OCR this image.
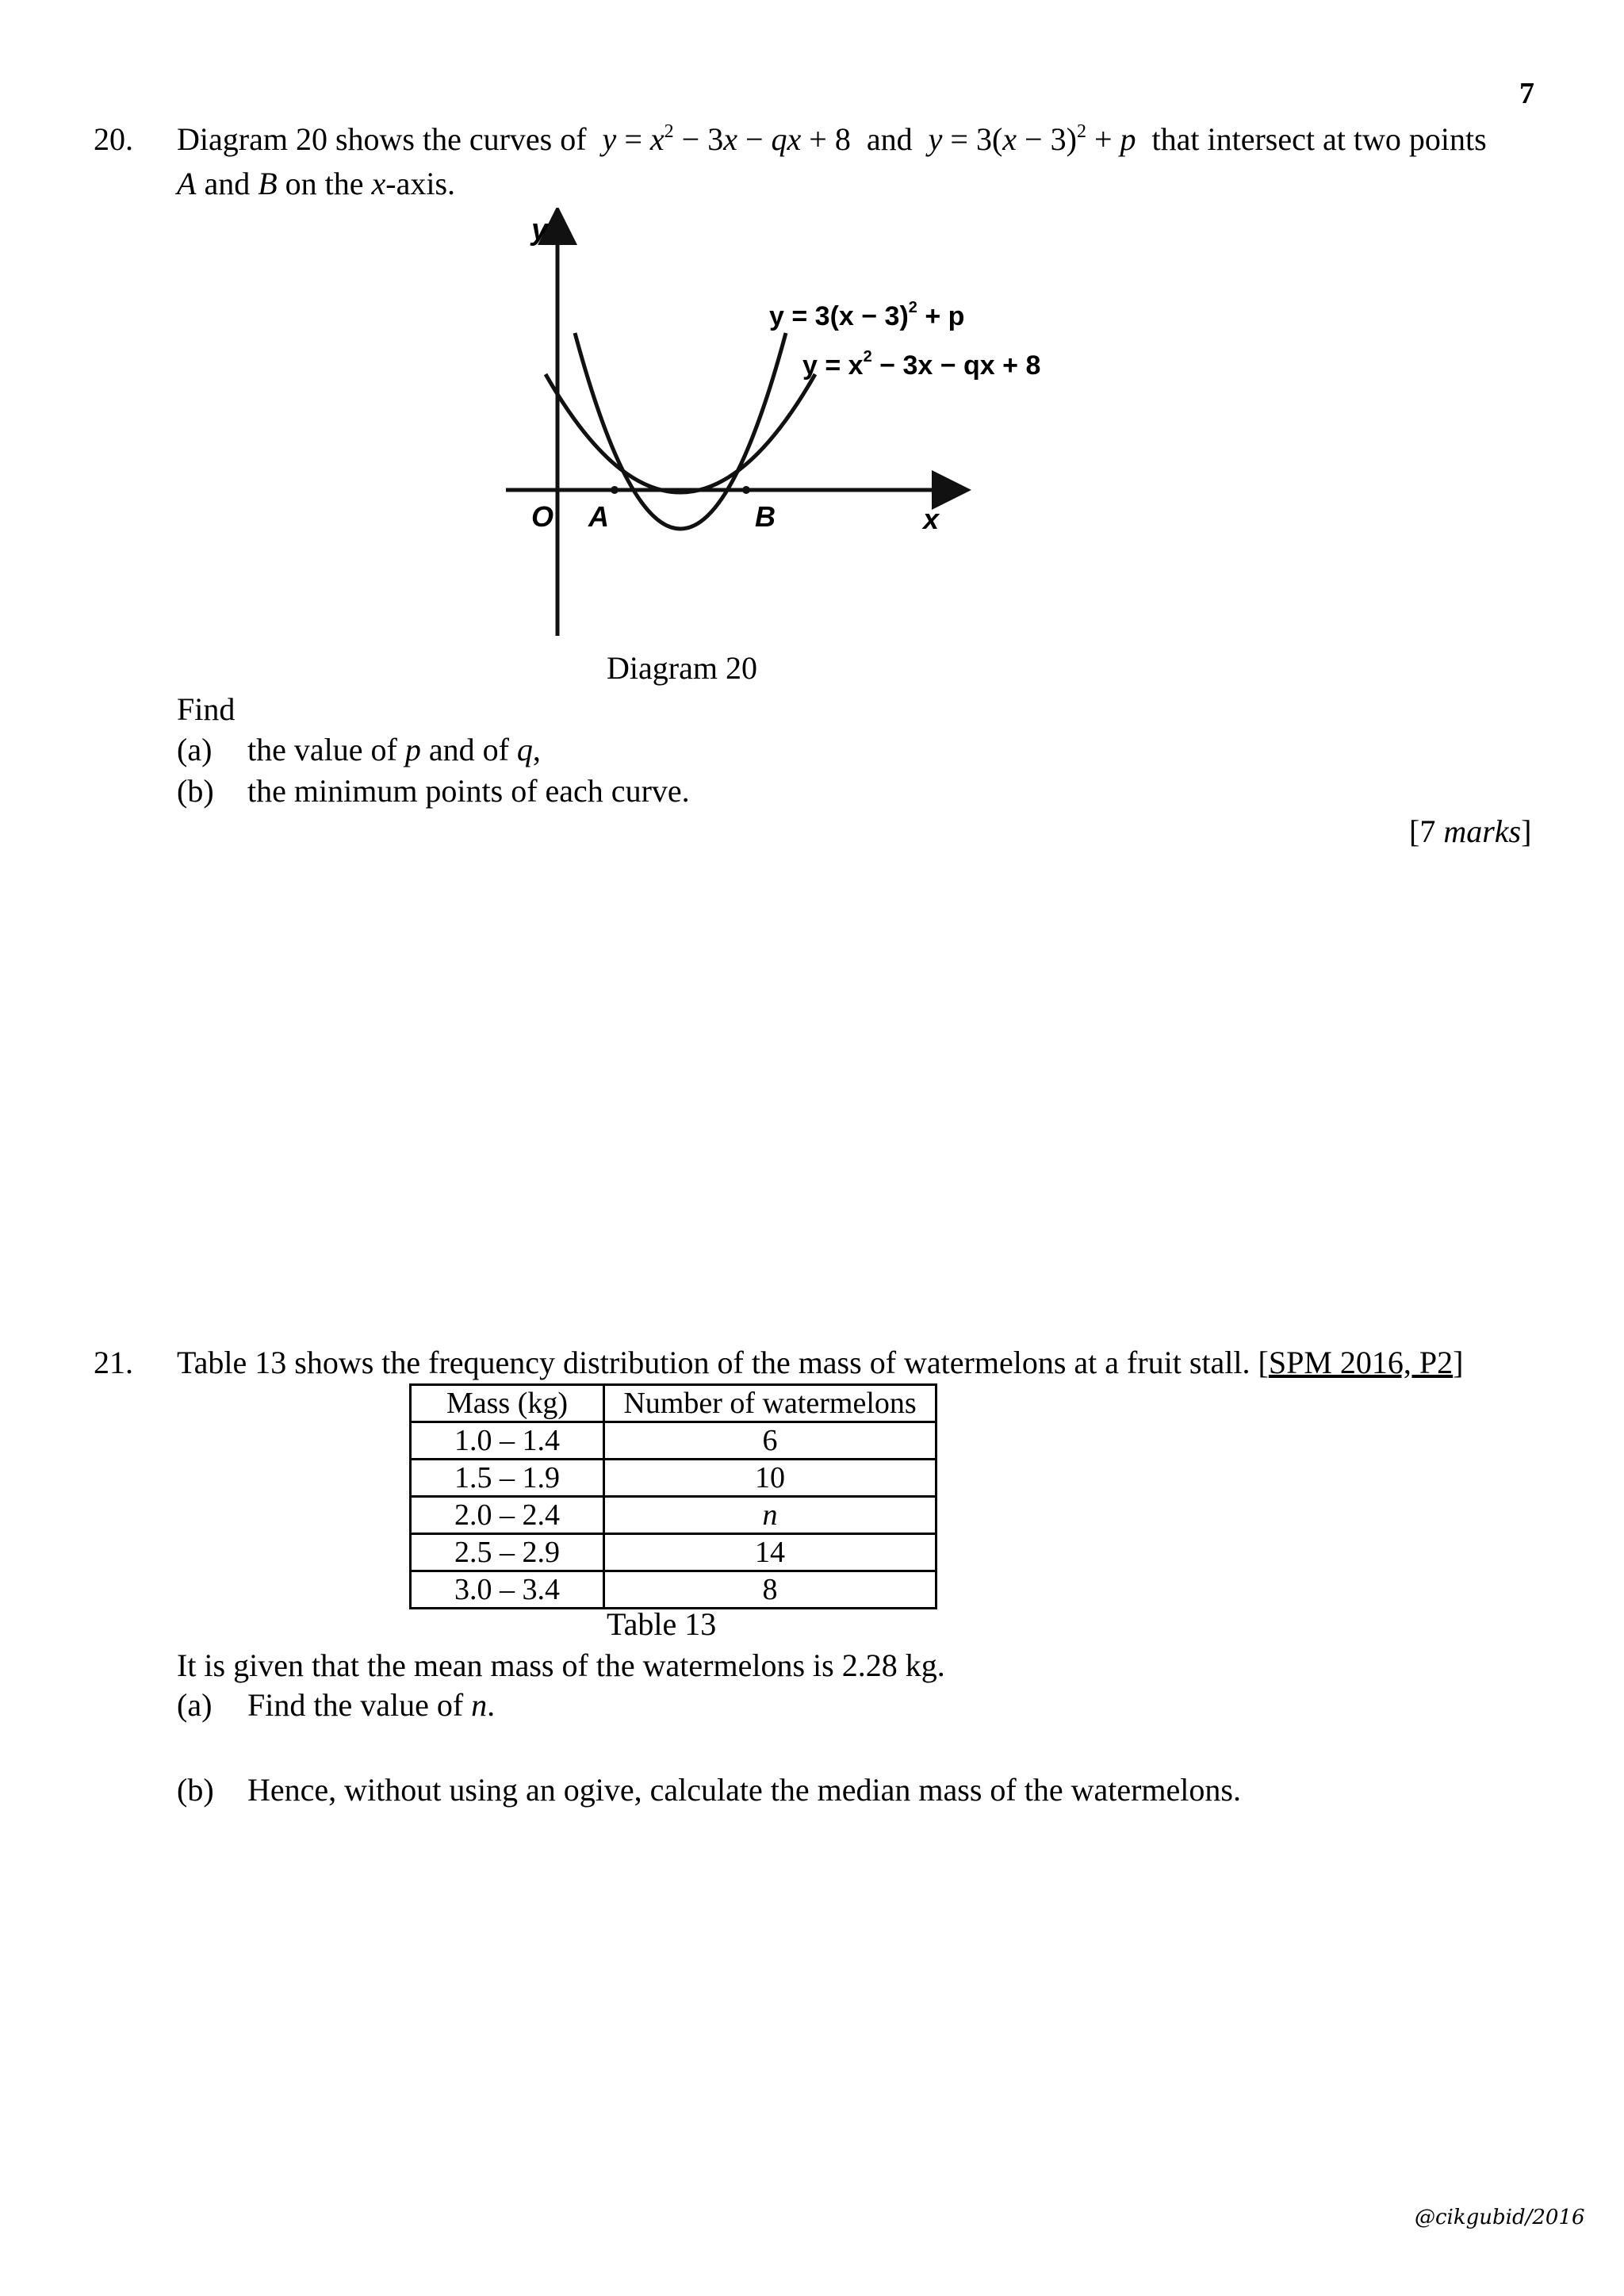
7
20. Diagram 20 shows the curves of $y = x^2 - 3x$ − qx + 8 and $y = 3(x - 3)^2 + p$ that intersect at two points
A and B on the x-axis.
y
x
O A	B
$y = 3(x - 3)^2 + p$
$y = x^2 - 3x$ − qx + 8
Diagram 20
Find
(a) the value of p and of q,
(b) the minimum points of each curve.
[7 marks]
21. Table 13 shows the frequency distribution of the mass of watermelons at a fruit stall. [SPM 2016, P2]
Mass (kg)	Number of watermelons
1.0 – 1.4	6
1.5 – 1.9	10
2.0 – 2.4	n
2.5 – 2.9	14
3.0 – 3.4	8
Table 13
It is given that the mean mass of the watermelons is 2.28 kg.
(a) Find the value of n.
(b) Hence, without using an ogive, calculate the median mass of the watermelons.
@cikgubid/2016
